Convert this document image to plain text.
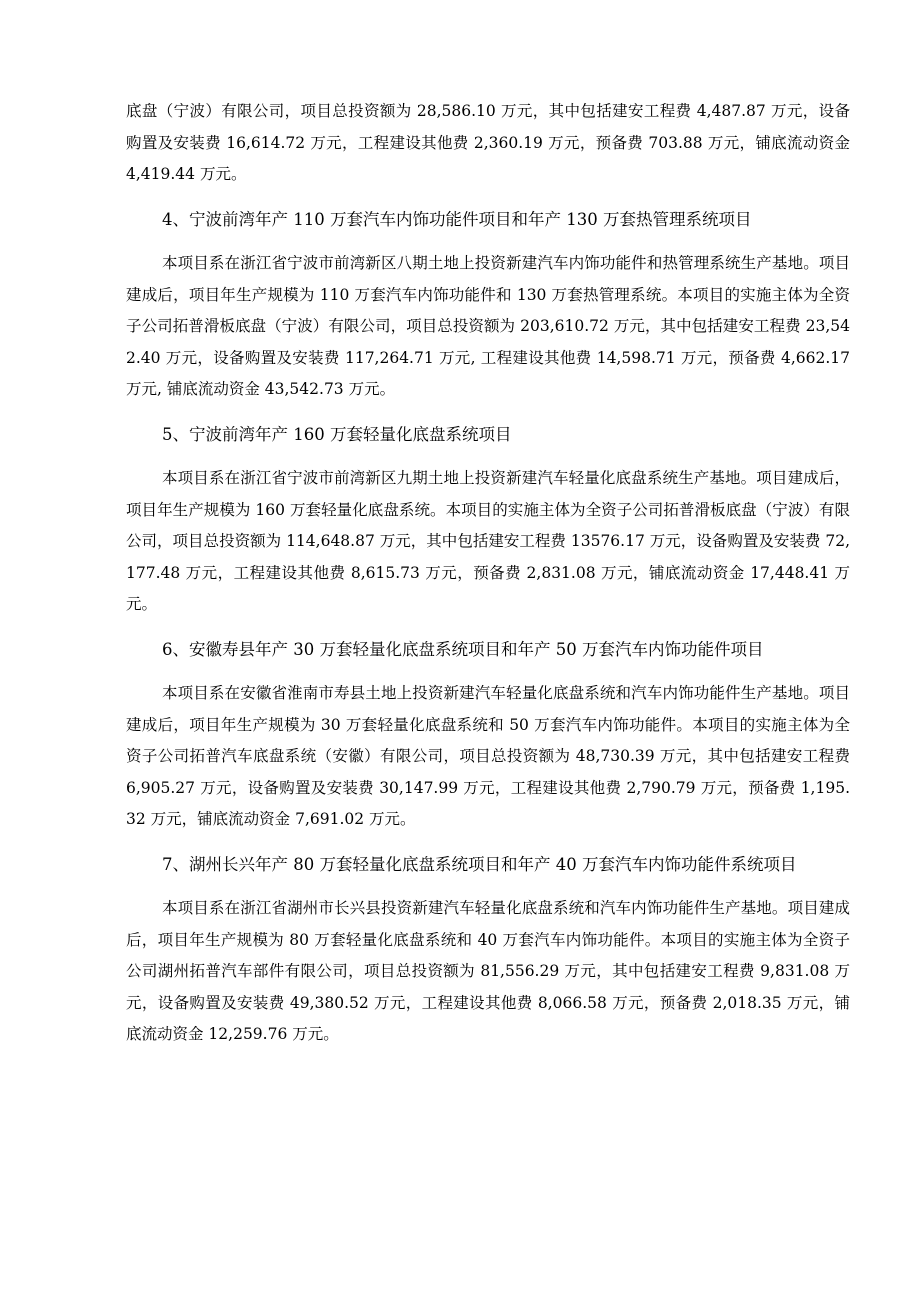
底盘（宁波）有限公司，项目总投资额为 28,586.10 万元，其中包括建安工程费 4,487.87 万元，设备购置及安装费 16,614.72 万元，工程建设其他费 2,360.19 万元，预备费 703.88 万元，铺底流动资金 4,419.44 万元。

4、宁波前湾年产 110 万套汽车内饰功能件项目和年产 130 万套热管理系统项目

本项目系在浙江省宁波市前湾新区八期土地上投资新建汽车内饰功能件和热管理系统生产基地。项目建成后，项目年生产规模为 110 万套汽车内饰功能件和 130 万套热管理系统。本项目的实施主体为全资子公司拓普滑板底盘（宁波）有限公司，项目总投资额为 203,610.72 万元，其中包括建安工程费 23,542.40 万元，设备购置及安装费 117,264.71 万元, 工程建设其他费 14,598.71 万元，预备费 4,662.17 万元, 铺底流动资金 43,542.73 万元。

5、宁波前湾年产 160 万套轻量化底盘系统项目

本项目系在浙江省宁波市前湾新区九期土地上投资新建汽车轻量化底盘系统生产基地。项目建成后，项目年生产规模为 160 万套轻量化底盘系统。本项目的实施主体为全资子公司拓普滑板底盘（宁波）有限公司，项目总投资额为 114,648.87 万元，其中包括建安工程费 13576.17 万元，设备购置及安装费 72,177.48 万元，工程建设其他费 8,615.73 万元，预备费 2,831.08 万元，铺底流动资金 17,448.41 万元。

6、安徽寿县年产 30 万套轻量化底盘系统项目和年产 50 万套汽车内饰功能件项目

本项目系在安徽省淮南市寿县土地上投资新建汽车轻量化底盘系统和汽车内饰功能件生产基地。项目建成后，项目年生产规模为 30 万套轻量化底盘系统和 50 万套汽车内饰功能件。本项目的实施主体为全资子公司拓普汽车底盘系统（安徽）有限公司，项目总投资额为 48,730.39 万元，其中包括建安工程费 6,905.27 万元，设备购置及安装费 30,147.99 万元，工程建设其他费 2,790.79 万元，预备费 1,195.32 万元，铺底流动资金 7,691.02 万元。

7、湖州长兴年产 80 万套轻量化底盘系统项目和年产 40 万套汽车内饰功能件系统项目

本项目系在浙江省湖州市长兴县投资新建汽车轻量化底盘系统和汽车内饰功能件生产基地。项目建成后，项目年生产规模为 80 万套轻量化底盘系统和 40 万套汽车内饰功能件。本项目的实施主体为全资子公司湖州拓普汽车部件有限公司，项目总投资额为 81,556.29 万元，其中包括建安工程费 9,831.08 万元，设备购置及安装费 49,380.52 万元，工程建设其他费 8,066.58 万元，预备费 2,018.35 万元，铺底流动资金 12,259.76 万元。
